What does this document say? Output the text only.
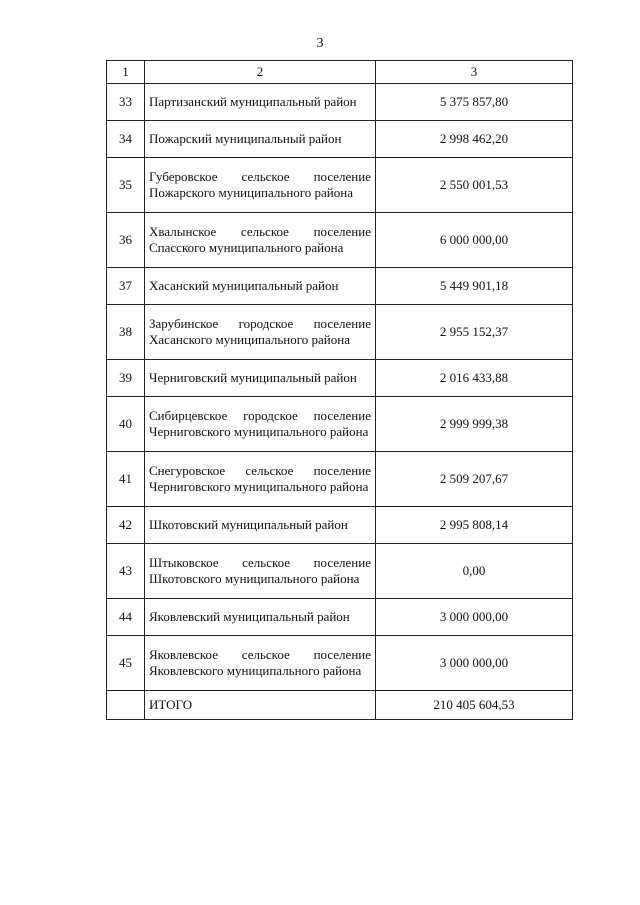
3
1	2	3
33	Партизанский муниципальный район	5 375 857,80
34	Пожарский муниципальный район	2 998 462,20
35	Губеровское сельское поселение Пожарского муниципального района	2 550 001,53
36	Хвалынское сельское поселение Спасского муниципального района	6 000 000,00
37	Хасанский муниципальный район	5 449 901,18
38	Зарубинское городское поселение Хасанского муниципального района	2 955 152,37
39	Черниговский муниципальный район	2 016 433,88
40	Сибирцевское городское поселение Черниговского муниципального района	2 999 999,38
41	Снегуровское сельское поселение Черниговского муниципального района	2 509 207,67
42	Шкотовский муниципальный район	2 995 808,14
43	Штыковское сельское поселение Шкотовского муниципального района	0,00
44	Яковлевский муниципальный район	3 000 000,00
45	Яковлевское сельское поселение Яковлевского муниципального района	3 000 000,00
	ИТОГО	210 405 604,53
